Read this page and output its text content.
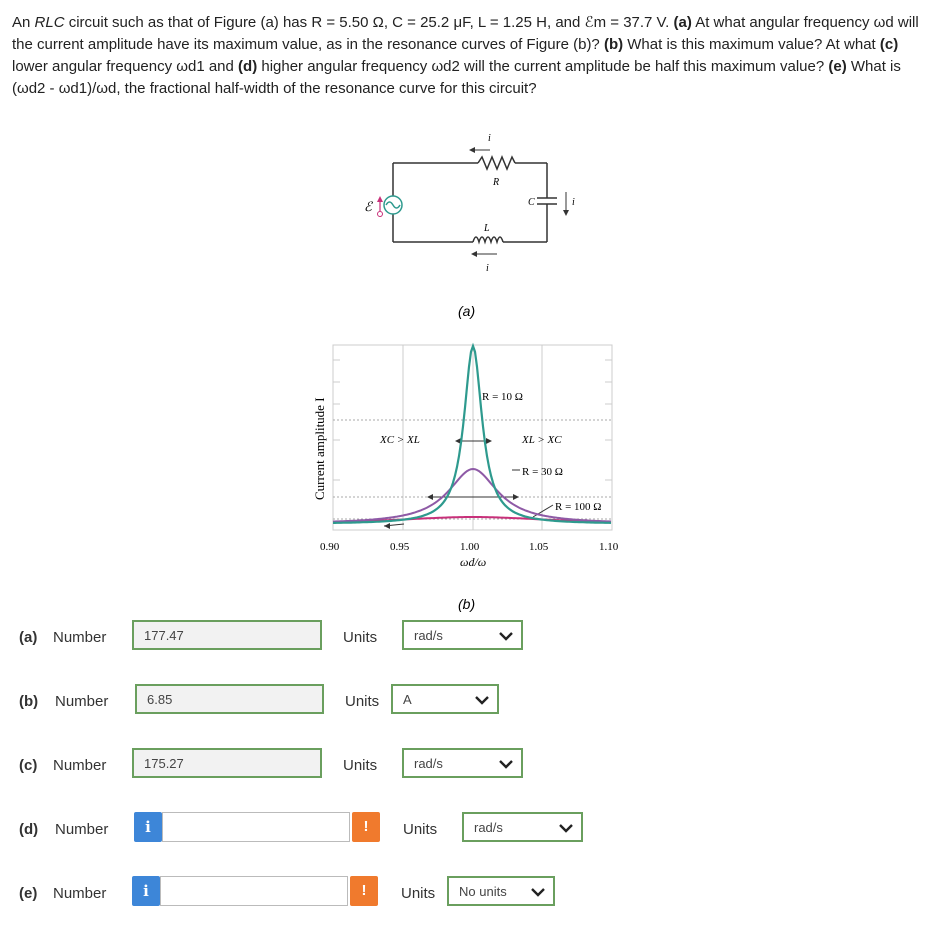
An RLC circuit such as that of Figure (a) has R = 5.50 Ω, C = 25.2 μF, L = 1.25 H, and ℰm = 37.7 V. (a) At what angular frequency ωd will the current amplitude have its maximum value, as in the resonance curves of Figure (b)? (b) What is this maximum value? At what (c) lower angular frequency ωd1 and (d) higher angular frequency ωd2 will the current amplitude be half this maximum value? (e) What is (ωd2 - ωd1)/ωd, the fractional half-width of the resonance curve for this circuit?
ℰ
R
L
C
i
i
i
(a)
Current amplitude I
0.90	0.95	1.00	1.05	1.10
ωd/ω
R = 10 Ω
R = 30 Ω
R = 100 Ω
XC > XL	XL > XC
(b)
(a) Number	177.47	Units	rad/s
(b) Number	6.85	Units	A
(c) Number	175.27	Units	rad/s
(d) Number	i	!	Units	rad/s
(e) Number	i	!	Units	No units
